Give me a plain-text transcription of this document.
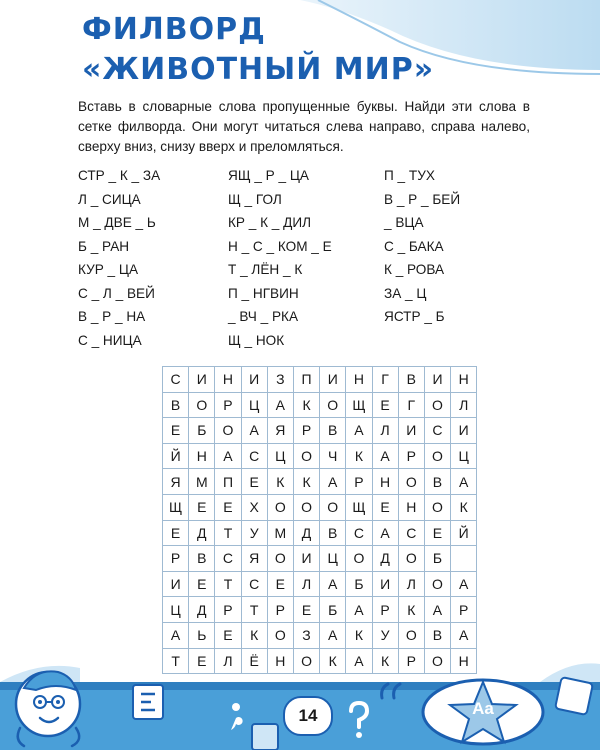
ФИЛВОРД
«ЖИВОТНЫЙ МИР»

Вставь в словарные слова пропущенные буквы. Найди эти слова в сетке филворда. Они могут читаться слева направо, справа налево, сверху вниз, снизу вверх и преломляться.

СТР _ К _ ЗА
Л _ СИЦА
М _ ДВЕ _ Ь
Б _ РАН
КУР _ ЦА
С _ Л _ ВЕЙ
В _ Р _ НА
С _ НИЦА
ЯЩ _ Р _ ЦА
Щ _ ГОЛ
КР _ К _ ДИЛ
Н _ С _ КОМ _ Е
Т _ ЛЁН _ К
П _ НГВИН
_ ВЧ _ РКА
Щ _ НОК
П _ ТУХ
В _ Р _ БЕЙ
_ ВЦА
С _ БАКА
К _ РОВА
ЗА _ Ц
ЯСТР _ Б
С	И	Н	И	З	П	И	Н	Г	В	И	Н
В	О	Р	Ц	А	К	О	Щ	Е	Г	О	Л
Е	Б	О	А	Я	Р	В	А	Л	И	С	И
Й	Н	А	С	Ц	О	Ч	К	А	Р	О	Ц
Я	М	П	Е	К	К	А	Р	Н	О	В	А
Щ	Е	Е	Х	О	О	О	Щ	Е	Н	О	К
Е	Д	Т	У	М	Д	В	С	А	С	Е	Й
Р	В	С	Я	О	И	Ц	О	Д	О	Б	
И	Е	Т	С	Е	Л	А	Б	И	Л	О	А
Ц	Д	Р	Т	Р	Е	Б	А	Р	К	А	Р
А	Ь	Е	К	О	З	А	К	У	О	В	А
Т	Е	Л	Ё	Н	О	К	А	К	Р	О	Н
Aa
14
